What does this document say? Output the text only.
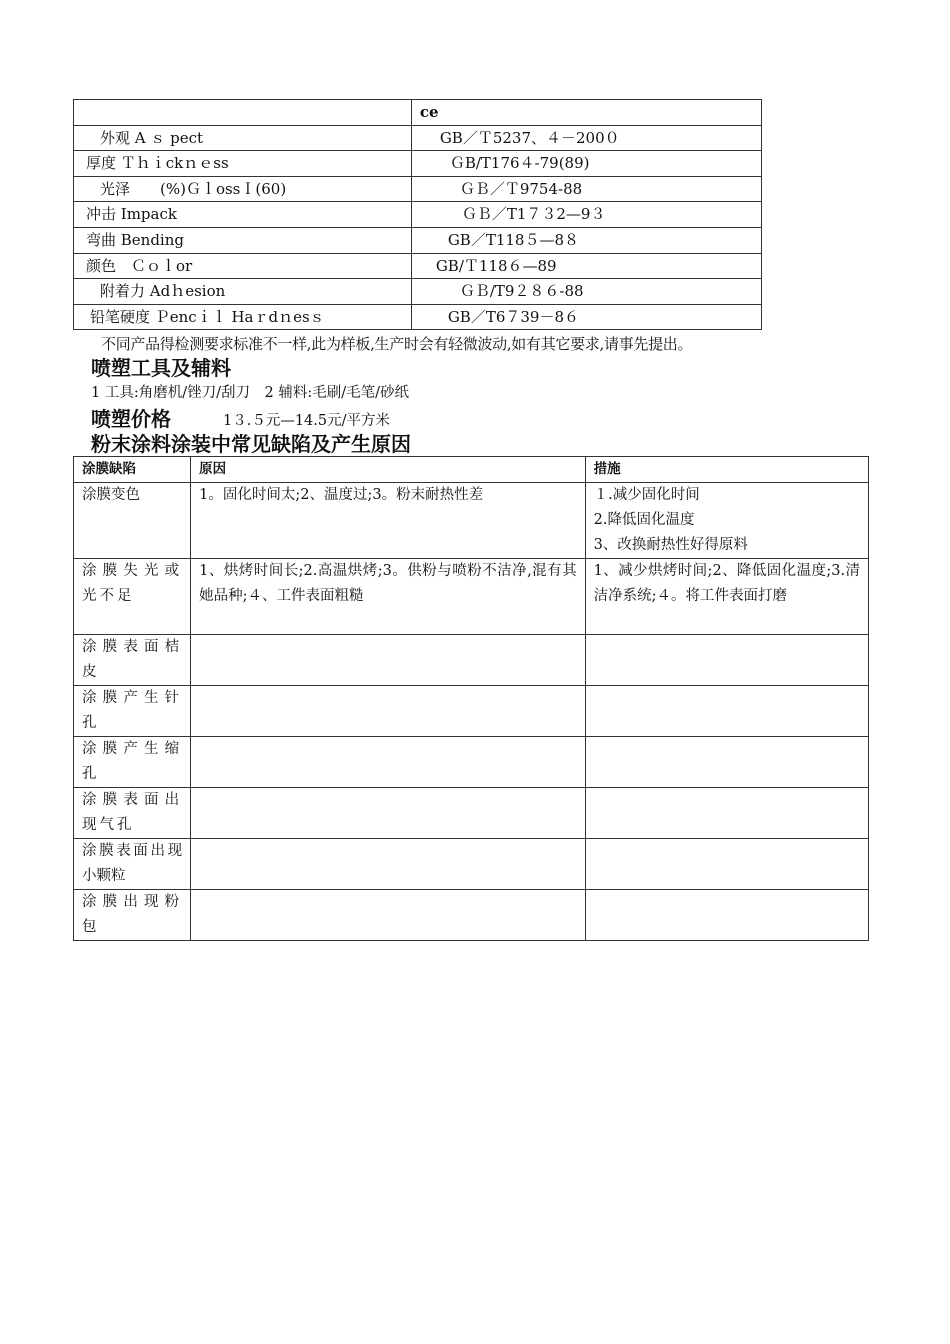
	ce
外观 A ｓ pect	GB／Ｔ5237、４－200０
厚度 Ｔｈｉckｎｅss	ＧB/T176４-79(89)
光泽　　(%)ＧｌossＩ(60)	ＧＢ／Ｔ9754-88
冲击 Impack	ＧＢ／T1７３2—9３
弯曲 Bending	GB／T118５—8８
颜色　Ｃｏｌor	GB/Ｔ118６—89
附着力 Adｈesion	ＧＢ/T9２８６-88
铅笔硬度 Ｐencｉｌ Haｒdｎesｓ	GB／T6７39－8６
不同产品得检测要求标准不一样,此为样板,生产时会有轻微波动,如有其它要求,请事先提出。
喷塑工具及辅料
1 工具:角磨机/锉刀/刮刀　2 辅料:毛刷/毛笔/砂纸
喷塑价格	1３.５元—14.5元/平方米
粉末涂料涂装中常见缺陷及产生原因
涂膜缺陷	原因	措施
涂膜变色	1。固化时间太;2、温度过;3。粉末耐热性差	１.减少固化时间
2.降低固化温度
3、改换耐热性好得原料

涂膜失光或光不足	1、烘烤时间长;2.高温烘烤;3。供粉与喷粉不洁净,混有其她品种;４、工件表面粗糙	1、减少烘烤时间;2、降低固化温度;3.清洁净系统;４。将工件表面打磨

涂膜表面桔皮		
涂膜产生针孔		
涂膜产生缩孔		
涂膜表面出现气孔		
涂膜表面出现小颗粒		
涂膜出现粉包		
